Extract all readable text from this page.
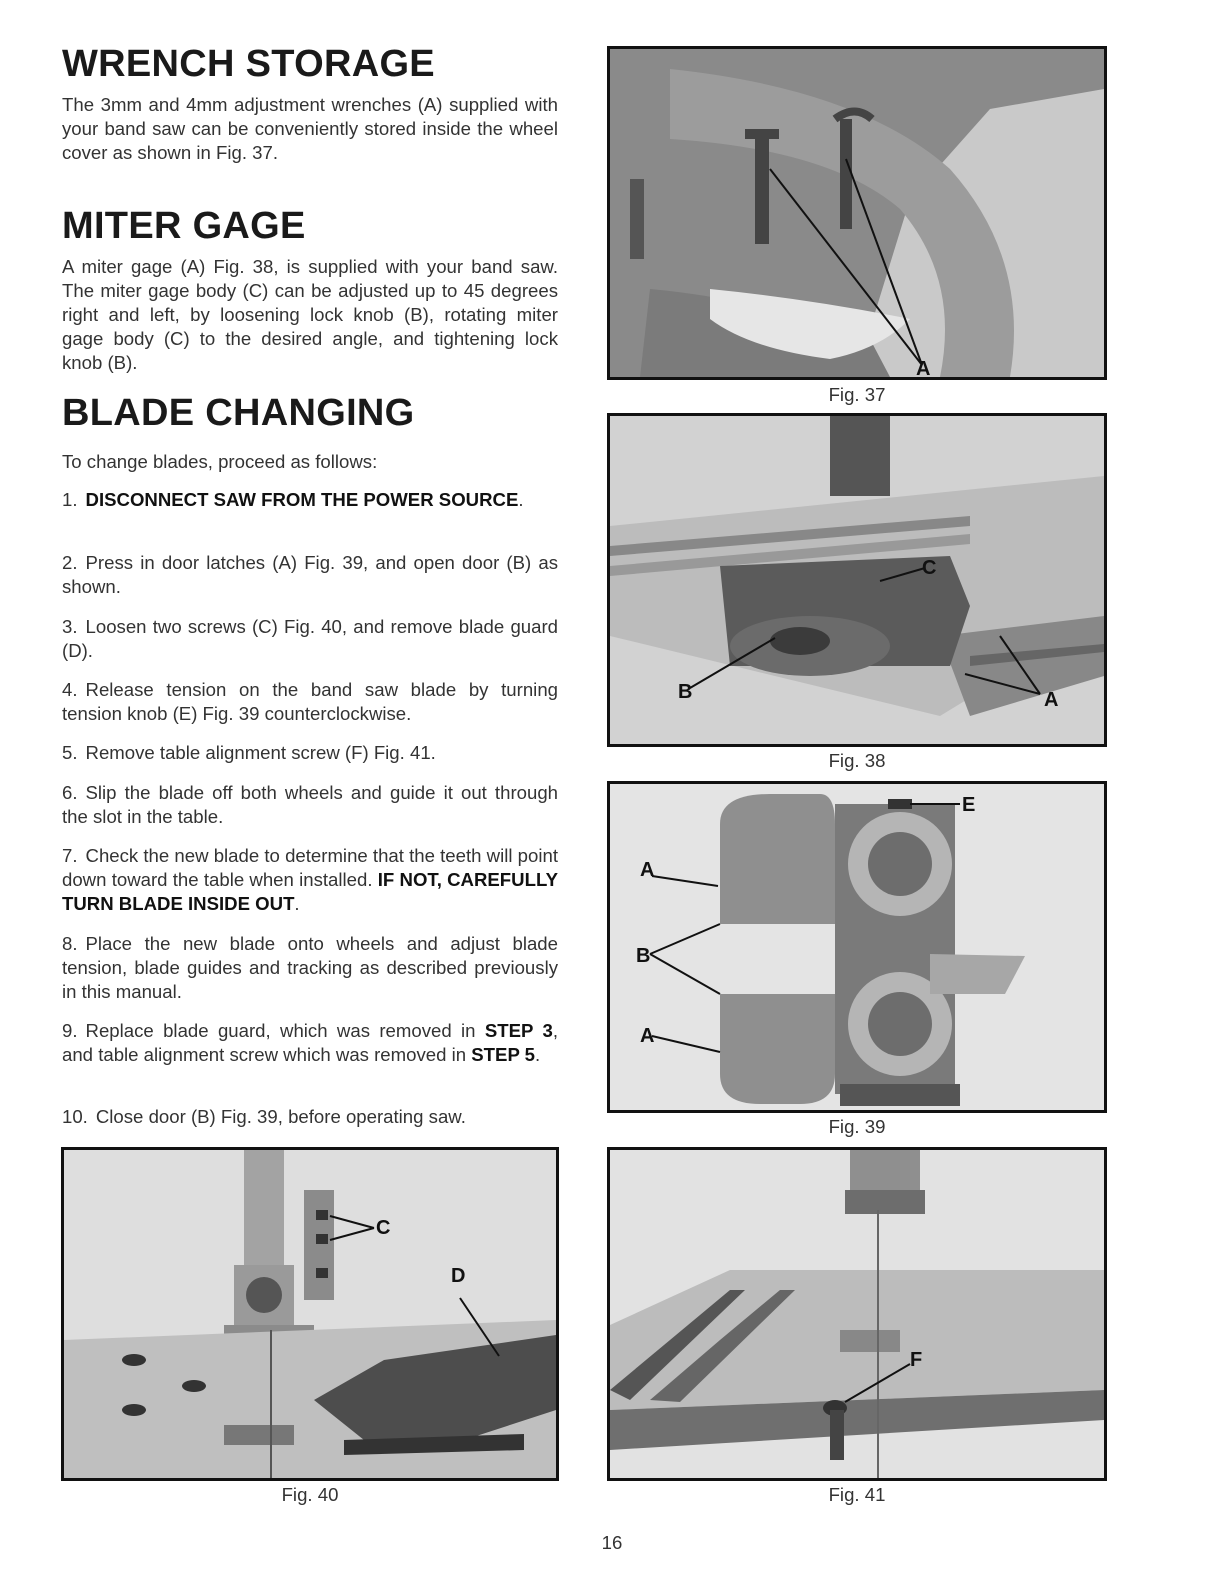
WRENCH STORAGE

The 3mm and 4mm adjustment wrenches (A) supplied with your band saw can be conveniently stored inside the wheel cover as shown in Fig. 37.

MITER GAGE

A miter gage (A) Fig. 38, is supplied with your band saw. The miter gage body (C) can be adjusted up to 45 degrees right and left, by loosening lock knob (B), rotating miter gage body (C) to the desired angle, and tightening lock knob (B).

BLADE CHANGING

To change blades, proceed as follows:

1. DISCONNECT SAW FROM THE POWER SOURCE.

2. Press in door latches (A) Fig. 39, and open door (B) as shown.

3. Loosen two screws (C) Fig. 40, and remove blade guard (D).

4. Release tension on the band saw blade by turning tension knob (E) Fig. 39 counterclockwise.

5. Remove table alignment screw (F) Fig. 41.

6. Slip the blade off both wheels and guide it out through the slot in the table.

7. Check the new blade to determine that the teeth will point down toward the table when installed. IF NOT, CAREFULLY TURN BLADE INSIDE OUT.

8. Place the new blade onto wheels and adjust blade tension, blade guides and tracking as described previously in this manual.

9. Replace blade guard, which was removed in STEP 3, and table alignment screw which was removed in STEP 5.

10. Close door (B) Fig. 39, before operating saw.

A
Fig. 37
C
B	A
Fig. 38
E
A
B
A
Fig. 39
C
D
Fig. 40
F
Fig. 41
16
